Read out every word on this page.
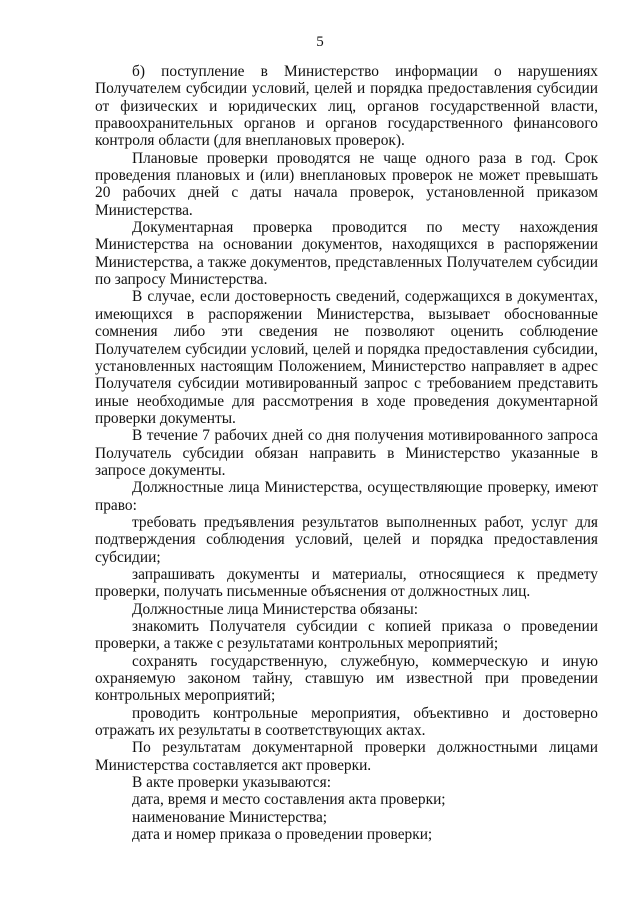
5

б) поступление в Министерство информации о нарушениях Получателем субсидии условий, целей и порядка предоставления субсидии от физических и юридических лиц, органов государственной власти, правоохранительных органов и органов государственного финансового контроля области (для внеплановых проверок).

Плановые проверки проводятся не чаще одного раза в год. Срок проведения плановых и (или) внеплановых проверок не может превышать 20 рабочих дней с даты начала проверок, установленной приказом Министерства.

Документарная проверка проводится по месту нахождения Министерства на основании документов, находящихся в распоряжении Министерства, а также документов, представленных Получателем субсидии по запросу Министерства.

В случае, если достоверность сведений, содержащихся в документах, имеющихся в распоряжении Министерства, вызывает обоснованные сомнения либо эти сведения не позволяют оценить соблюдение Получателем субсидии условий, целей и порядка предоставления субсидии, установленных настоящим Положением, Министерство направляет в адрес Получателя субсидии мотивированный запрос с требованием представить иные необходимые для рассмотрения в ходе проведения документарной проверки документы.

В течение 7 рабочих дней со дня получения мотивированного запроса Получатель субсидии обязан направить в Министерство указанные в запросе документы.

Должностные лица Министерства, осуществляющие проверку, имеют право:

требовать предъявления результатов выполненных работ, услуг для подтверждения соблюдения условий, целей и порядка предоставления субсидии;

запрашивать документы и материалы, относящиеся к предмету проверки, получать письменные объяснения от должностных лиц.

Должностные лица Министерства обязаны:

знакомить Получателя субсидии с копией приказа о проведении проверки, а также с результатами контрольных мероприятий;

сохранять государственную, служебную, коммерческую и иную охраняемую законом тайну, ставшую им известной при проведении контрольных мероприятий;

проводить контрольные мероприятия, объективно и достоверно отражать их результаты в соответствующих актах.

По результатам документарной проверки должностными лицами Министерства составляется акт проверки.

В акте проверки указываются:

дата, время и место составления акта проверки;

наименование Министерства;

дата и номер приказа о проведении проверки;
